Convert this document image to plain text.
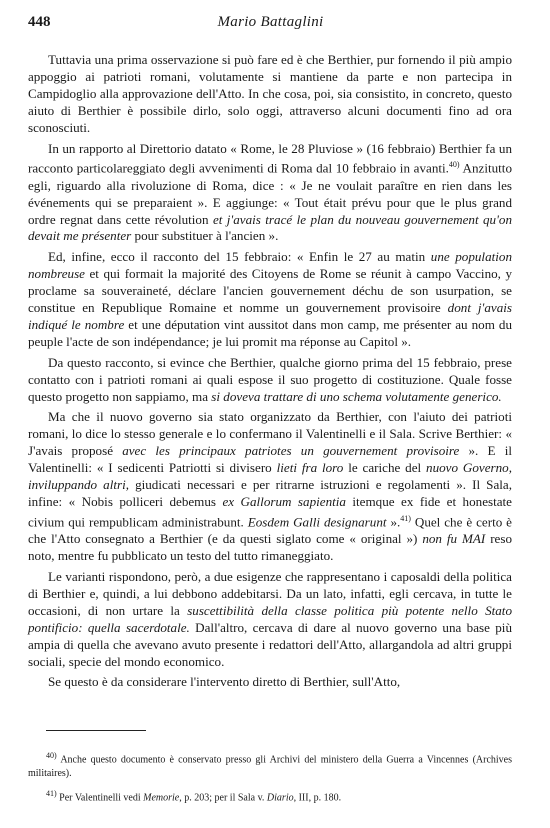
448	Mario Battaglini

Tuttavia una prima osservazione si può fare ed è che Berthier, pur fornendo il più ampio appoggio ai patrioti romani, volutamente si mantiene da parte e non partecipa in Campidoglio alla approvazione dell'Atto. In che cosa, poi, sia consistito, in concreto, questo aiuto di Berthier è possibile dirlo, solo oggi, attraverso alcuni documenti fino ad ora sconosciuti.

In un rapporto al Direttorio datato « Rome, le 28 Pluviose » (16 febbraio) Berthier fa un racconto particolareggiato degli avvenimenti di Roma dal 10 febbraio in avanti.$^{40)}$ Anzitutto egli, riguardo alla rivoluzione di Roma, dice : « Je ne voulait paraître en rien dans les événements qui se preparaient ». E aggiunge: « Tout était prévu pour que le plus grand ordre regnat dans cette révolution et j'avais tracé le plan du nouveau gouvernement qu'on devait me présenter pour substituer à l'ancien ».

Ed, infine, ecco il racconto del 15 febbraio: « Enfin le 27 au matin une population nombreuse et qui formait la majorité des Citoyens de Rome se réunit à campo Vaccino, y proclame sa souveraineté, déclare l'ancien gouvernement déchu de son usurpation, se constitue en Republique Romaine et nomme un gouvernement provisoire dont j'avais indiqué le nombre et une députation vint aussitot dans mon camp, me présenter au nom du peuple l'acte de son indépendance; je lui promit ma réponse au Capitol ».

Da questo racconto, si evince che Berthier, qualche giorno prima del 15 febbraio, prese contatto con i patrioti romani ai quali espose il suo progetto di costituzione. Quale fosse questo progetto non sappiamo, ma si doveva trattare di uno schema volutamente generico.

Ma che il nuovo governo sia stato organizzato da Berthier, con l'aiuto dei patrioti romani, lo dice lo stesso generale e lo confermano il Valentinelli e il Sala. Scrive Berthier: « J'avais proposé avec les principaux patriotes un gouvernement provisoire ». E il Valentinelli: « I sedicenti Patriotti si divisero lieti fra loro le cariche del nuovo Governo, inviluppando altri, giudicati necessari e per ritrarne istruzioni e regolamenti ». Il Sala, infine: « Nobis polliceri debemus ex Gallorum sapientia itemque ex fide et honestate civium qui rempublicam administrabunt. Eosdem Galli designarunt ».$^{41)}$ Quel che è certo è che l'Atto consegnato a Berthier (e da questi siglato come « original ») non fu MAI reso noto, mentre fu pubblicato un testo del tutto rimaneggiato.

Le varianti rispondono, però, a due esigenze che rappresentano i caposaldi della politica di Berthier e, quindi, a lui debbono addebitarsi. Da un lato, infatti, egli cercava, in tutte le occasioni, di non urtare la suscettibilità della classe politica più potente nello Stato pontificio: quella sacerdotale. Dall'altro, cercava di dare al nuovo governo una base più ampia di quella che avevano avuto presente i redattori dell'Atto, allargandola ad altri gruppi sociali, specie del mondo economico.

Se questo è da considerare l'intervento diretto di Berthier, sull'Atto,

$^{40)}$ Anche questo documento è conservato presso gli Archivi del ministero della Guerra a Vincennes (Archives militaires).

$^{41)}$ Per Valentinelli vedi Memorie, p. 203; per il Sala v. Diario, III, p. 180.
